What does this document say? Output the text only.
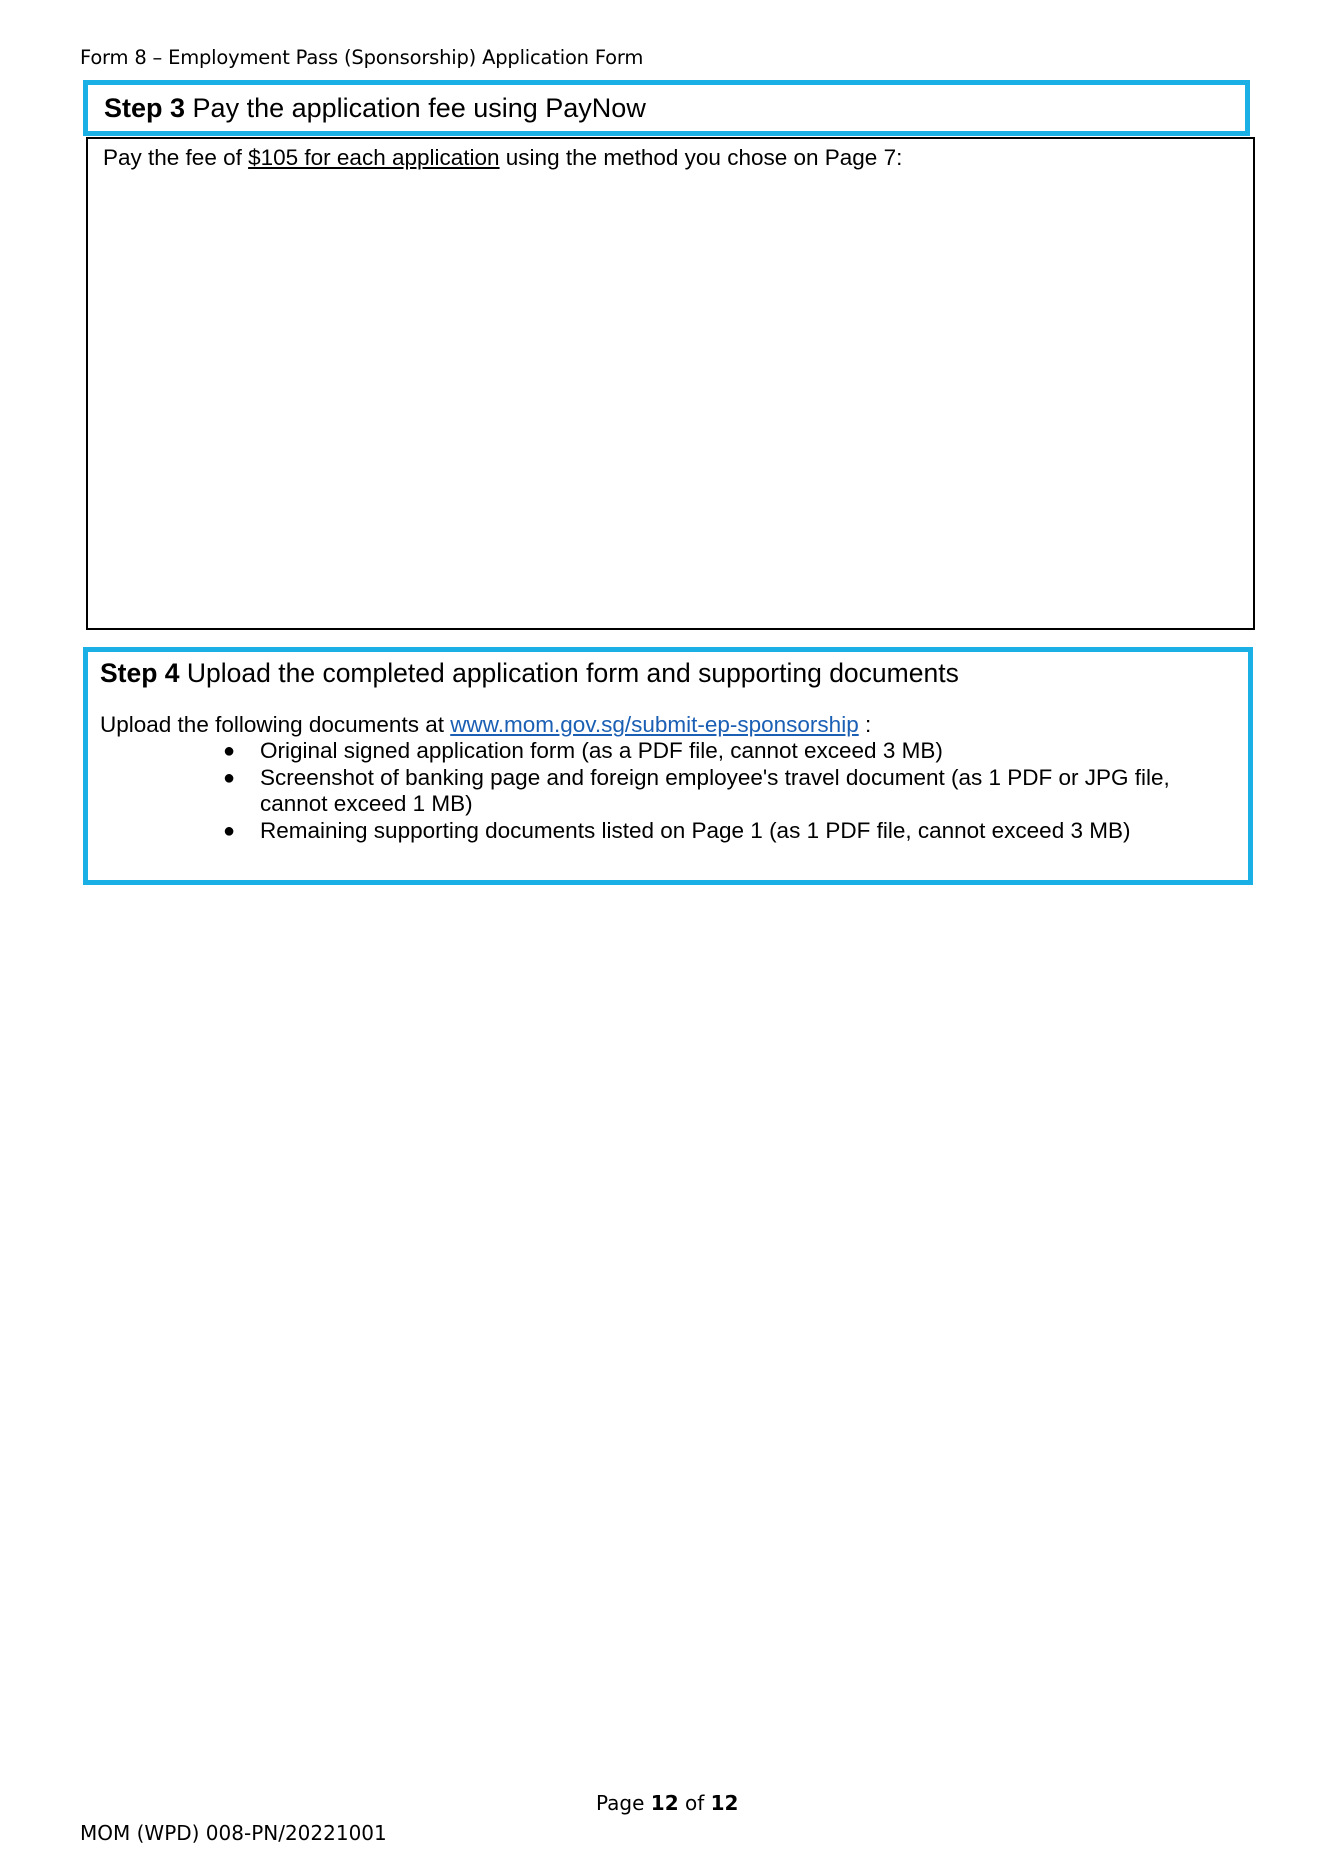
Form 8 – Employment Pass (Sponsorship) Application Form
Step 3 Pay the application fee using PayNow
Pay the fee of $105 for each application using the method you chose on Page 7:
Step 4 Upload the completed application form and supporting documents
Upload the following documents at www.mom.gov.sg/submit-ep-sponsorship :
● Original signed application form (as a PDF file, cannot exceed 3 MB)
● Screenshot of banking page and foreign employee's travel document (as 1 PDF or JPG file, cannot exceed 1 MB)
● Remaining supporting documents listed on Page 1 (as 1 PDF file, cannot exceed 3 MB)
Page 12 of 12
MOM (WPD) 008-PN/20221001
